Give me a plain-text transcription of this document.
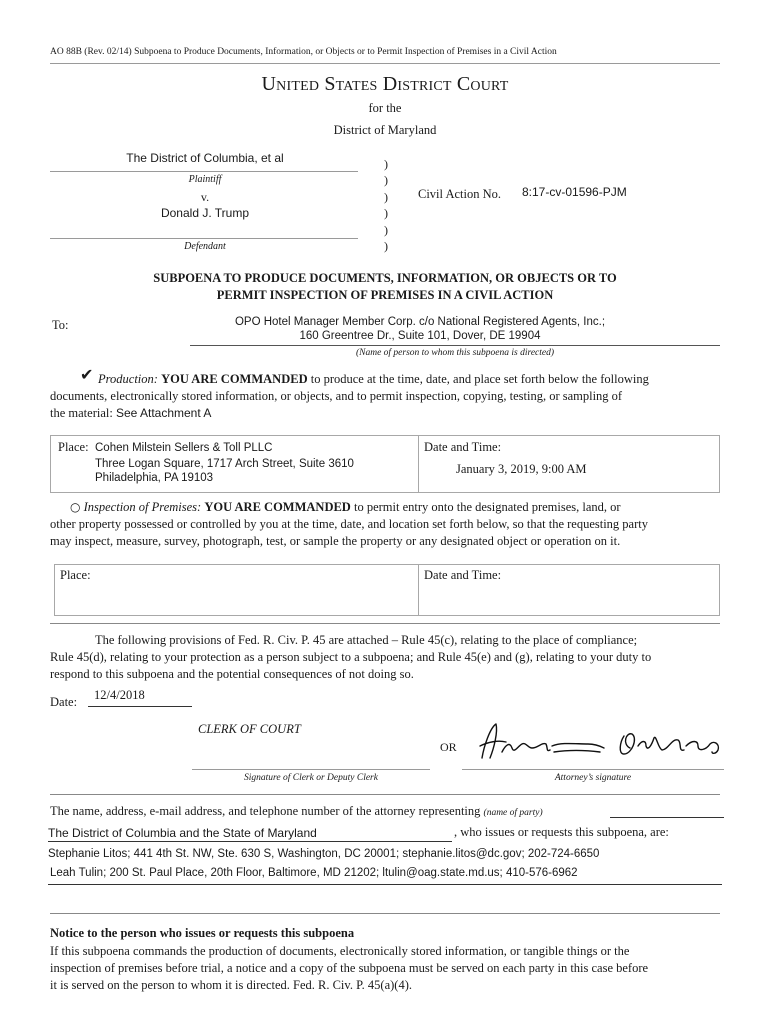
AO 88B (Rev. 02/14) Subpoena to Produce Documents, Information, or Objects or to Permit Inspection of Premises in a Civil Action
United States District Court
for the
District of Maryland
The District of Columbia, et al
Plaintiff
v.
Donald J. Trump
Defendant
)
)
)
)
)
)
Civil Action No. 8:17-cv-01596-PJM
SUBPOENA TO PRODUCE DOCUMENTS, INFORMATION, OR OBJECTS OR TO
PERMIT INSPECTION OF PREMISES IN A CIVIL ACTION
To:	OPO Hotel Manager Member Corp. c/o National Registered Agents, Inc.;
160 Greentree Dr., Suite 101, Dover, DE 19904
(Name of person to whom this subpoena is directed)
✔ Production: YOU ARE COMMANDED to produce at the time, date, and place set forth below the following

documents, electronically stored information, or objects, and to permit inspection, copying, testing, or sampling of

the material: See Attachment A

Place: Cohen Milstein Sellers & Toll PLLC
Three Logan Square, 1717 Arch Street, Suite 3610
Philadelphia, PA 19103
Date and Time:
January 3, 2019, 9:00 AM

○ Inspection of Premises: YOU ARE COMMANDED to permit entry onto the designated premises, land, or

other property possessed or controlled by you at the time, date, and location set forth below, so that the requesting party

may inspect, measure, survey, photograph, test, or sample the property or any designated object or operation on it.

Place:	Date and Time:

The following provisions of Fed. R. Civ. P. 45 are attached – Rule 45(c), relating to the place of compliance;

Rule 45(d), relating to your protection as a person subject to a subpoena; and Rule 45(e) and (g), relating to your duty to

respond to this subpoena and the potential consequences of not doing so.

Date: 12/4/2018
CLERK OF COURT
OR
Signature of Clerk or Deputy Clerk	Attorney’s signature
The name, address, e-mail address, and telephone number of the attorney representing (name of party)
The District of Columbia and the State of Maryland	, who issues or requests this subpoena, are:
Stephanie Litos; 441 4th St. NW, Ste. 630 S, Washington, DC 20001; stephanie.litos@dc.gov; 202-724-6650
Leah Tulin; 200 St. Paul Place, 20th Floor, Baltimore, MD 21202; ltulin@oag.state.md.us; 410-576-6962
Notice to the person who issues or requests this subpoena

If this subpoena commands the production of documents, electronically stored information, or tangible things or the

inspection of premises before trial, a notice and a copy of the subpoena must be served on each party in this case before

it is served on the person to whom it is directed. Fed. R. Civ. P. 45(a)(4).
